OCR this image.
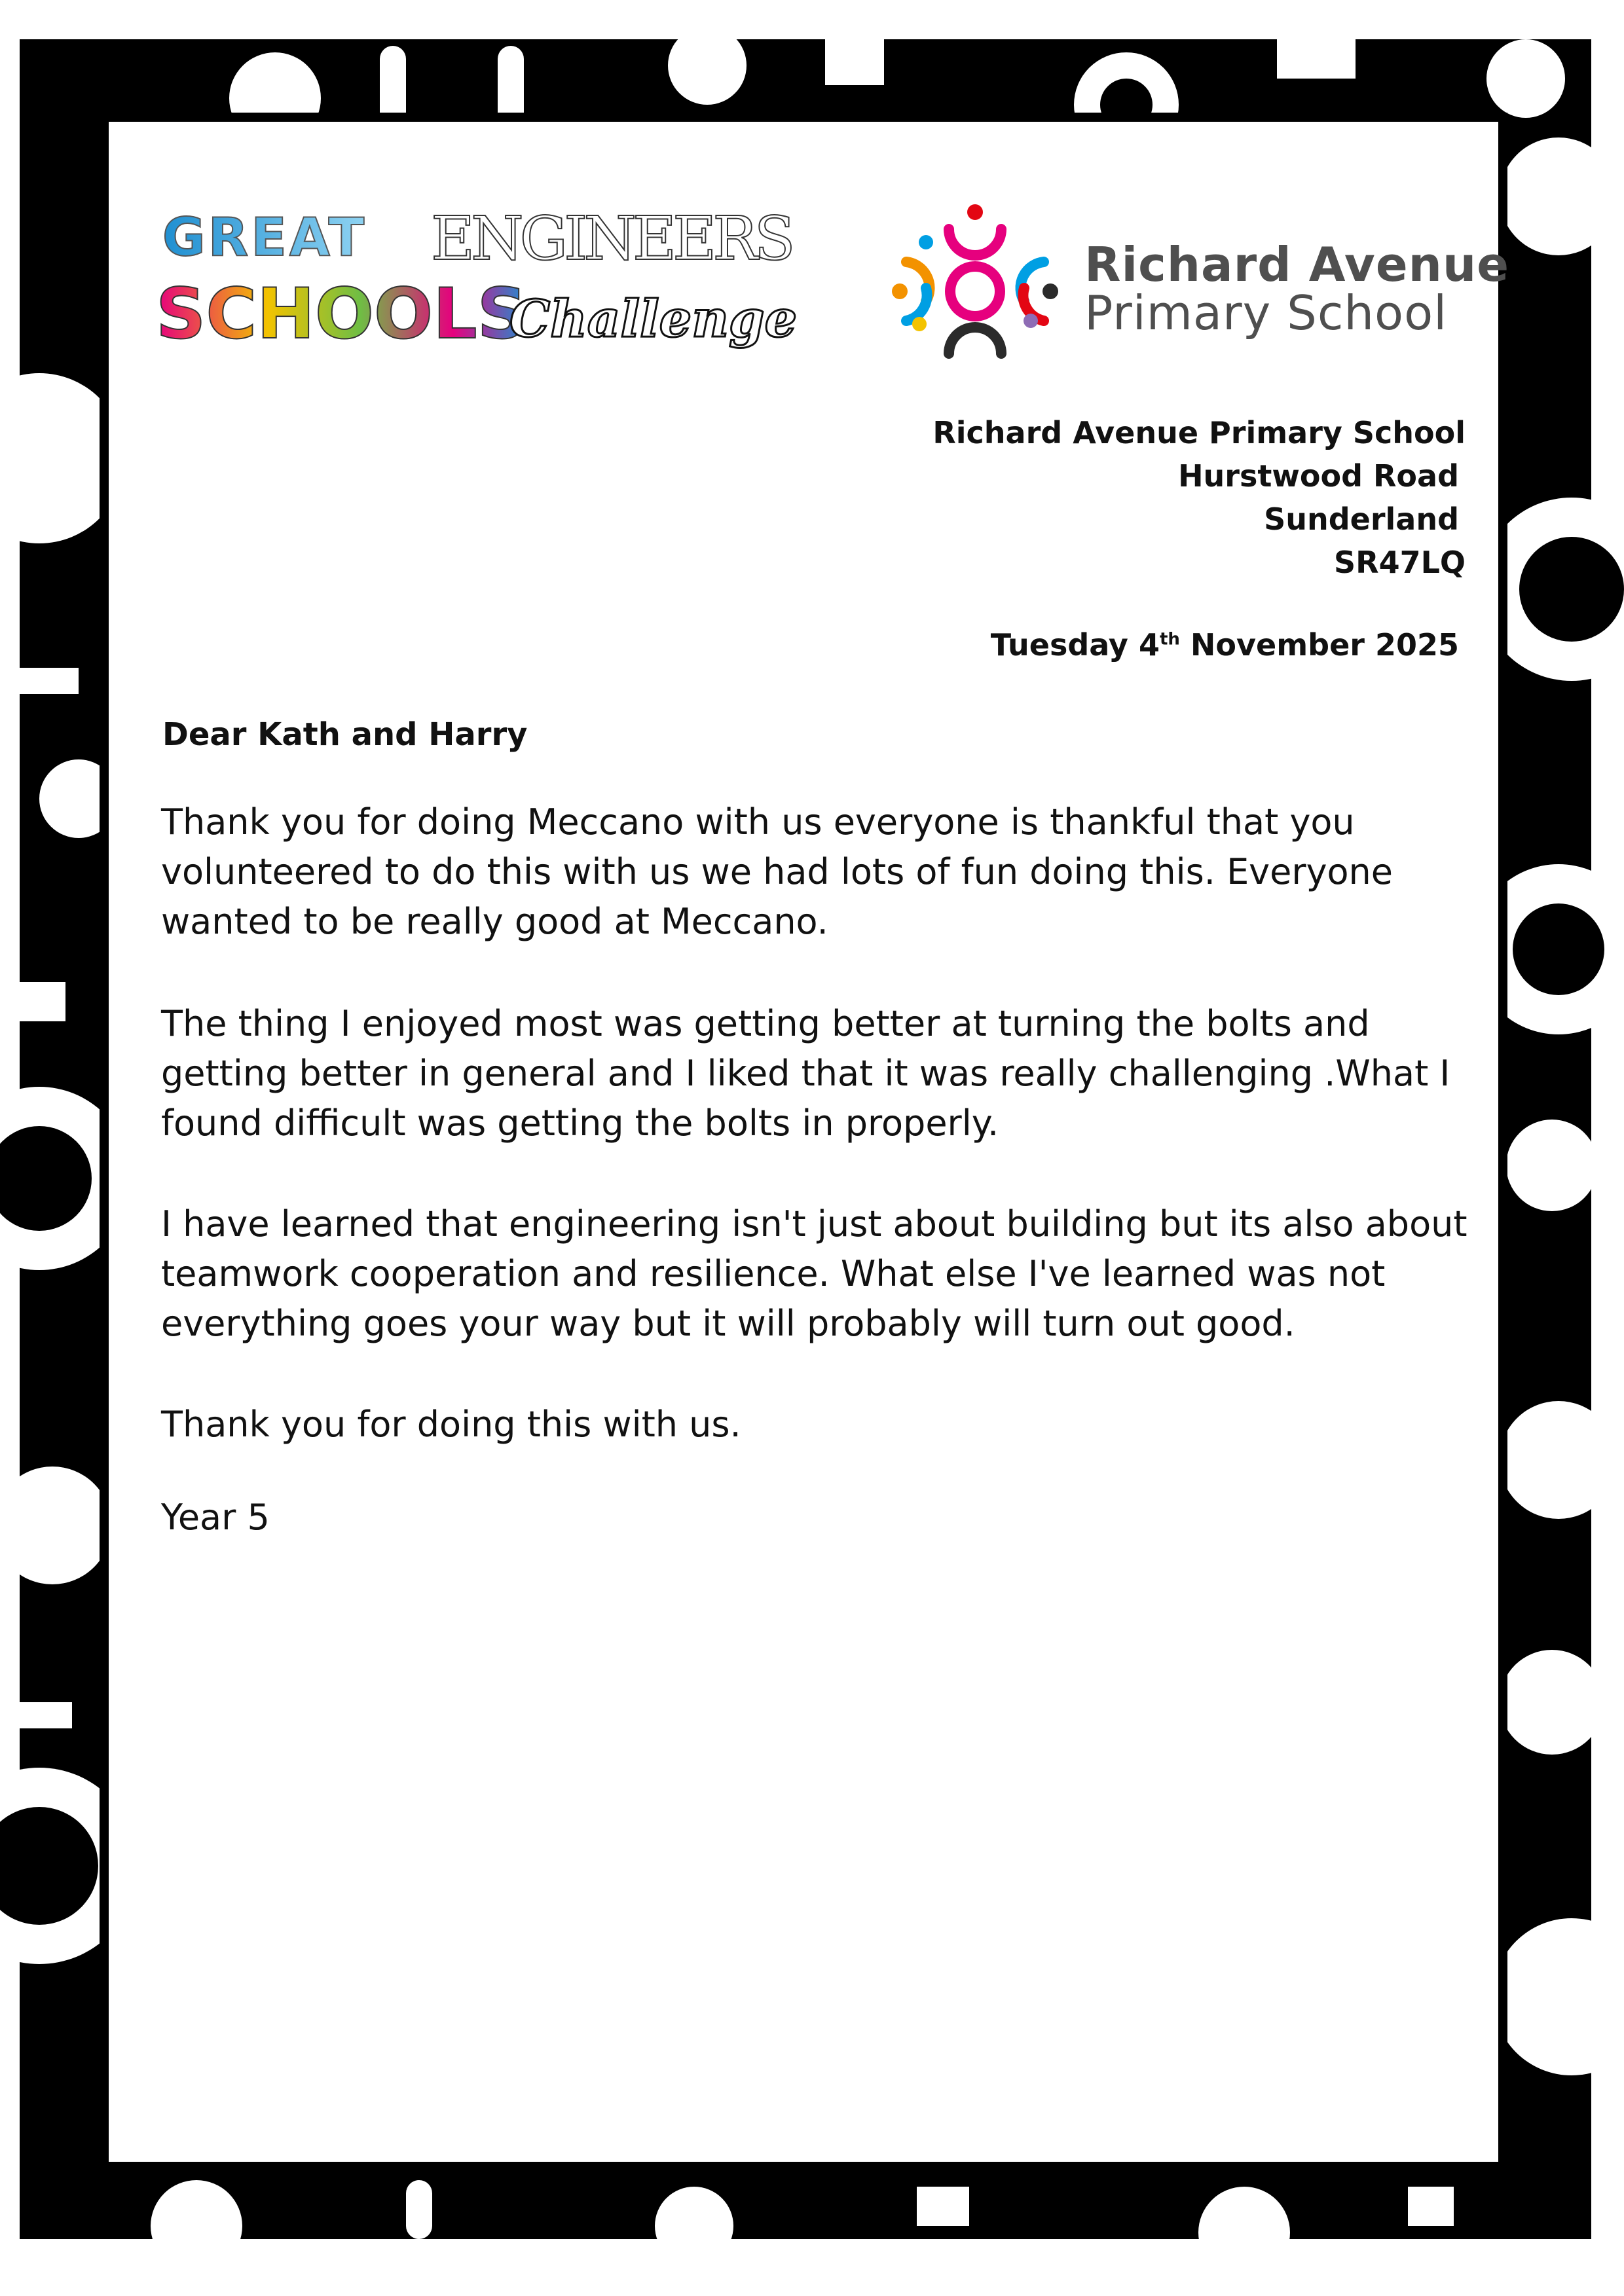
GREAT ENGINEERS
SCHOOLS
Challenge
Richard Avenue
Primary School
Richard Avenue Primary School
Hurstwood Road
Sunderland
SR47LQ
Tuesday 4th November 2025
Dear Kath and Harry

Thank you for doing Meccano with us everyone is thankful that you volunteered to do this with us we had lots of fun doing this. Everyone wanted to be really good at Meccano.

The thing I enjoyed most was getting better at turning the bolts and getting better in general and I liked that it was really challenging .What I found difficult was getting the bolts in properly.

I have learned that engineering isn't just about building but its also about teamwork cooperation and resilience. What else I've learned was not everything goes your way but it will probably will turn out good.

Thank you for doing this with us.

Year 5
